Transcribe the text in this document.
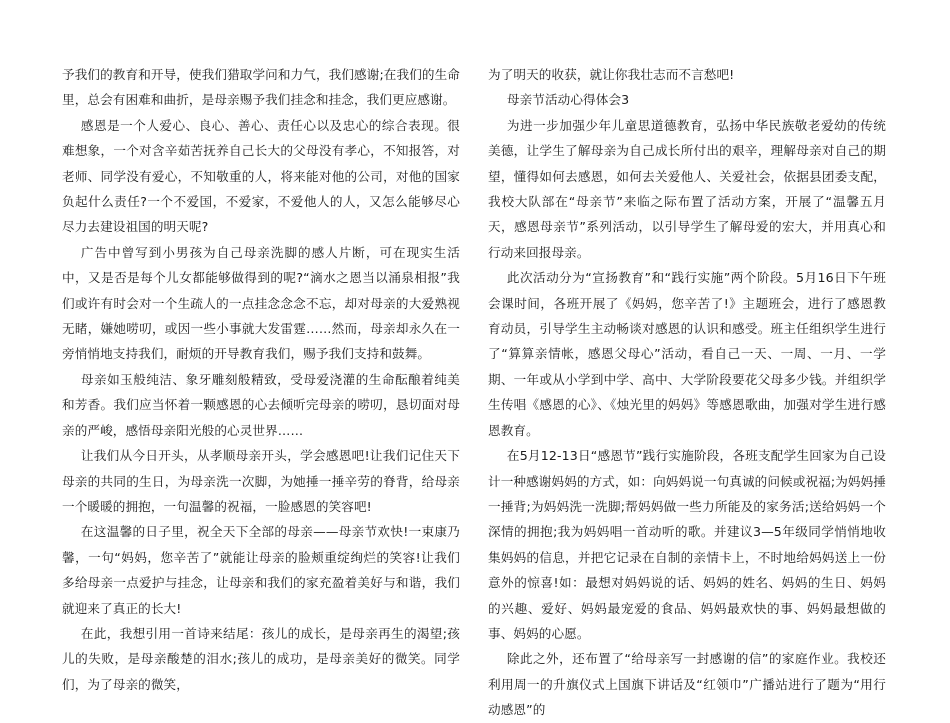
予我们的教育和开导，使我们猎取学问和力气，我们感谢;在我们的生命里，总会有困难和曲折，是母亲赐予我们挂念和挂念，我们更应感谢。

感恩是一个人爱心、良心、善心、责任心以及忠心的综合表现。很难想象，一个对含辛茹苦抚养自己长大的父母没有孝心，不知报答，对老师、同学没有爱心，不知敬重的人，将来能对他的公司，对他的国家负起什么责任?一个不爱国，不爱家，不爱他人的人，又怎么能够尽心尽力去建设祖国的明天呢?

广告中曾写到小男孩为自己母亲洗脚的感人片断，可在现实生活中，又是否是每个儿女都能够做得到的呢?“滴水之恩当以涌泉相报”我们或许有时会对一个生疏人的一点挂念念念不忘，却对母亲的大爱熟视无睹，嫌她唠叨，或因一些小事就大发雷霆……然而，母亲却永久在一旁悄悄地支持我们，耐烦的开导教育我们，赐予我们支持和鼓舞。

母亲如玉般纯洁、象牙雕刻般精致，受母爱浇灌的生命酝酿着纯美和芳香。我们应当怀着一颗感恩的心去倾听完母亲的唠叨，恳切面对母亲的严峻，感悟母亲阳光般的心灵世界……

让我们从今日开头，从孝顺母亲开头，学会感恩吧!让我们记住天下母亲的共同的生日，为母亲洗一次脚，为她捶一捶辛劳的脊背，给母亲一个暖暖的拥抱，一句温馨的祝福，一脸感恩的笑容吧!

在这温馨的日子里，祝全天下全部的母亲——母亲节欢快!一束康乃馨，一句“妈妈，您辛苦了”就能让母亲的脸颊重绽绚烂的笑容!让我们多给母亲一点爱护与挂念，让母亲和我们的家充盈着美好与和谐，我们就迎来了真正的长大!

在此，我想引用一首诗来结尾：孩儿的成长，是母亲再生的渴望;孩儿的失败，是母亲酸楚的泪水;孩儿的成功，是母亲美好的微笑。同学们，为了母亲的微笑，

为了明天的收获，就让你我壮志而不言愁吧!

母亲节活动心得体会3

为进一步加强少年儿童思道德教育，弘扬中华民族敬老爱幼的传统美德，让学生了解母亲为自己成长所付出的艰辛，理解母亲对自己的期望，懂得如何去感恩，如何去关爱他人、关爱社会，依据县团委支配，我校大队部在“母亲节”来临之际布置了活动方案，开展了“温馨五月天，感恩母亲节”系列活动，以引导学生了解母爱的宏大，并用真心和行动来回报母亲。

此次活动分为“宣扬教育”和“践行实施”两个阶段。5月16日下午班会课时间，各班开展了《妈妈，您辛苦了!》主题班会，进行了感恩教育动员，引导学生主动畅谈对感恩的认识和感受。班主任组织学生进行了“算算亲情帐，感恩父母心”活动，看自己一天、一周、一月、一学期、一年或从小学到中学、高中、大学阶段要花父母多少钱。并组织学生传唱《感恩的心》、《烛光里的妈妈》等感恩歌曲，加强对学生进行感恩教育。

在5月12-13日“感恩节”践行实施阶段，各班支配学生回家为自己设计一种感谢妈妈的方式，如：向妈妈说一句真诚的问候或祝福;为妈妈捶一捶背;为妈妈洗一洗脚;帮妈妈做一些力所能及的家务活;送给妈妈一个深情的拥抱;我为妈妈唱一首动听的歌。并建议3—5年级同学悄悄地收集妈妈的信息，并把它记录在自制的亲情卡上，不时地给妈妈送上一份意外的惊喜!如：最想对妈妈说的话、妈妈的姓名、妈妈的生日、妈妈的兴趣、爱好、妈妈最宠爱的食品、妈妈最欢快的事、妈妈最想做的事、妈妈的心愿。

除此之外，还布置了“给母亲写一封感谢的信”的家庭作业。我校还利用周一的升旗仪式上国旗下讲话及“红领巾”广播站进行了题为“用行动感恩”的
